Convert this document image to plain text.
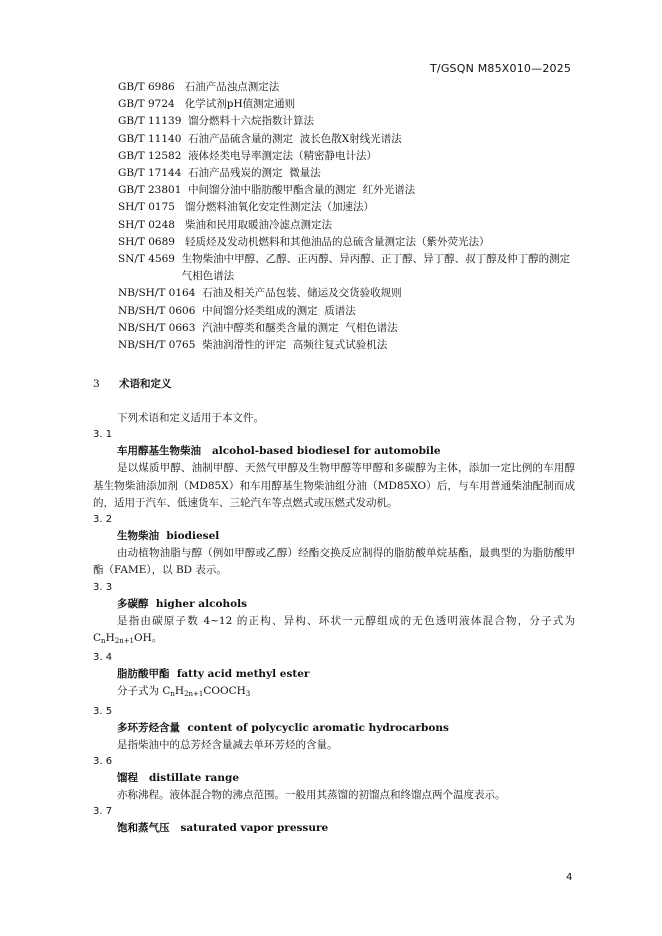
T/GSQN M85X010—2025
GB/T 6986 石油产品浊点测定法
GB/T 9724 化学试剂pH值测定通则
GB/T 11139 馏分燃料十六烷指数计算法
GB/T 11140 石油产品硫含量的测定  波长色散X射线光谱法
GB/T 12582 液体烃类电导率测定法（精密静电计法）
GB/T 17144 石油产品残炭的测定  微量法
GB/T 23801 中间馏分油中脂肪酸甲酯含量的测定  红外光谱法
SH/T 0175 馏分燃料油氧化安定性测定法（加速法）
SH/T 0248 柴油和民用取暖油冷滤点测定法
SH/T 0689 轻质烃及发动机燃料和其他油品的总硫含量测定法（紫外荧光法）
SN/T 4569 生物柴油中甲醇、乙醇、正丙醇、异丙醇、正丁醇、异丁醇、叔丁醇及仲丁醇的测定 气相色谱法
NB/SH/T 0164 石油及相关产品包装、储运及交货验收规则
NB/SH/T 0606 中间馏分烃类组成的测定  质谱法
NB/SH/T 0663 汽油中醇类和醚类含量的测定  气相色谱法
NB/SH/T 0765 柴油润滑性的评定  高频往复式试验机法
3 术语和定义
下列术语和定义适用于本文件。
3. 1
车用醇基生物柴油 alcohol-based biodiesel for automobile
是以煤质甲醇、油制甲醇、天然气甲醇及生物甲醇等甲醇和多碳醇为主体，添加一定比例的车用醇基生物柴油添加剂（MD85X）和车用醇基生物柴油组分油（MD85XO）后，与车用普通柴油配制而成的，适用于汽车、低速货车、三轮汽车等点燃式或压燃式发动机。
3. 2
生物柴油 biodiesel
由动植物油脂与醇（例如甲醇或乙醇）经酯交换反应制得的脂肪酸单烷基酯，最典型的为脂肪酸甲酯（FAME），以 BD 表示。
3. 3
多碳醇 higher alcohols
是指由碳原子数 4~12 的正构、异构、环状一元醇组成的无色透明液体混合物，分子式为$C_nH_{2n+1}OH$。
3. 4
脂肪酸甲酯 fatty acid methyl ester
分子式为 $C_nH_{2n+1}COOCH_3$
3. 5
多环芳烃含量 content of polycyclic aromatic hydrocarbons
是指柴油中的总芳烃含量减去单环芳烃的含量。
3. 6
馏程 distillate range
亦称沸程。液体混合物的沸点范围。一般用其蒸馏的初馏点和终馏点两个温度表示。
3. 7
饱和蒸气压 saturated vapor pressure
4
